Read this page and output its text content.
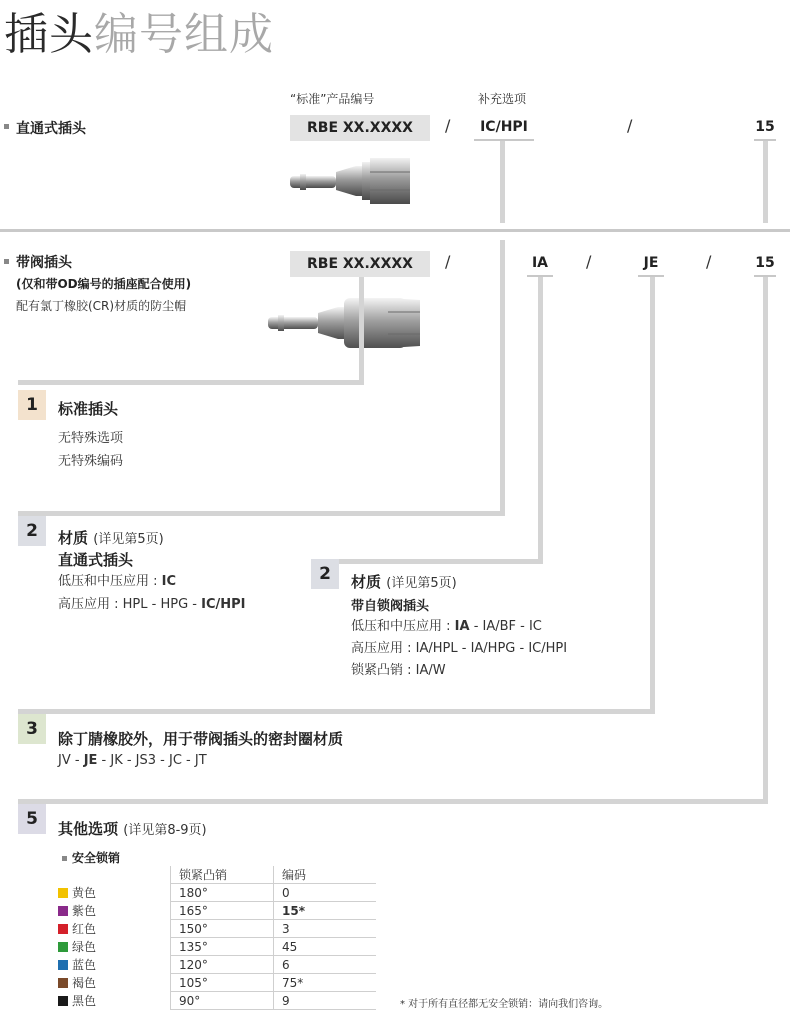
插头编号组成
“标准”产品编号	补充选项
直通式插头	RBE XX.XXXX	/	IC/HPI	/	15
带阀插头
(仅和带OD编号的插座配合使用)
配有氯丁橡胶(CR)材质的防尘帽
RBE XX.XXXX	/	IA	/	JE	/	15
1	标准插头
无特殊选项
无特殊编码
2	材质 (详见第5页)
直通式插头
低压和中压应用 : IC
高压应用 : HPL - HPG - IC/HPI
2	材质 (详见第5页)
带自锁阀插头
低压和中压应用 : IA - IA/BF - IC
高压应用 : IA/HPL - IA/HPG - IC/HPI
锁紧凸销 : IA/W
3	除丁腈橡胶外，用于带阀插头的密封圈材质
JV - JE - JK - JS3 - JC - JT
5	其他选项 (详见第8-9页)
安全锁销
	锁紧凸销	编码
黄色	180°	0
紫色	165°	15*
红色	150°	3
绿色	135°	45
蓝色	120°	6
褐色	105°	75*
黑色	90°	9	* 对于所有直径都无安全锁销：请向我们咨询。
